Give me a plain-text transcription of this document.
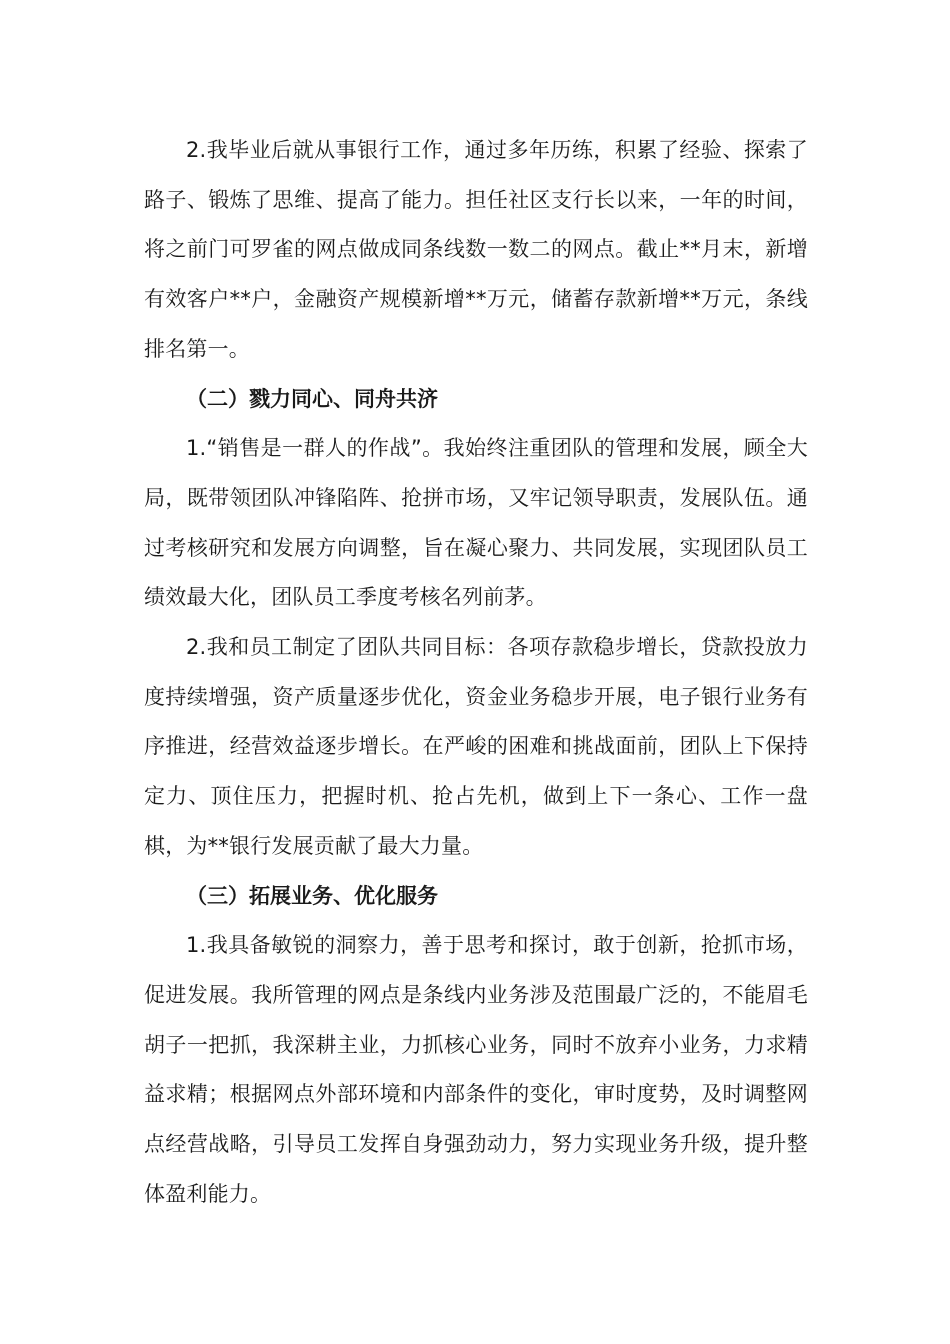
2.我毕业后就从事银行工作，通过多年历练，积累了经验、探索了路子、锻炼了思维、提高了能力。担任社区支行长以来，一年的时间，将之前门可罗雀的网点做成同条线数一数二的网点。截止**月末，新增有效客户**户，金融资产规模新增**万元，储蓄存款新增**万元，条线排名第一。

（二）戮力同心、同舟共济

1.“销售是一群人的作战”。我始终注重团队的管理和发展，顾全大局，既带领团队冲锋陷阵、抢拼市场，又牢记领导职责，发展队伍。通过考核研究和发展方向调整，旨在凝心聚力、共同发展，实现团队员工绩效最大化，团队员工季度考核名列前茅。

2.我和员工制定了团队共同目标：各项存款稳步增长，贷款投放力度持续增强，资产质量逐步优化，资金业务稳步开展，电子银行业务有序推进，经营效益逐步增长。在严峻的困难和挑战面前，团队上下保持定力、顶住压力，把握时机、抢占先机，做到上下一条心、工作一盘棋，为**银行发展贡献了最大力量。

（三）拓展业务、优化服务

1.我具备敏锐的洞察力，善于思考和探讨，敢于创新，抢抓市场，促进发展。我所管理的网点是条线内业务涉及范围最广泛的，不能眉毛胡子一把抓，我深耕主业，力抓核心业务，同时不放弃小业务，力求精益求精；根据网点外部环境和内部条件的变化，审时度势，及时调整网点经营战略，引导员工发挥自身强劲动力，努力实现业务升级，提升整体盈利能力。
